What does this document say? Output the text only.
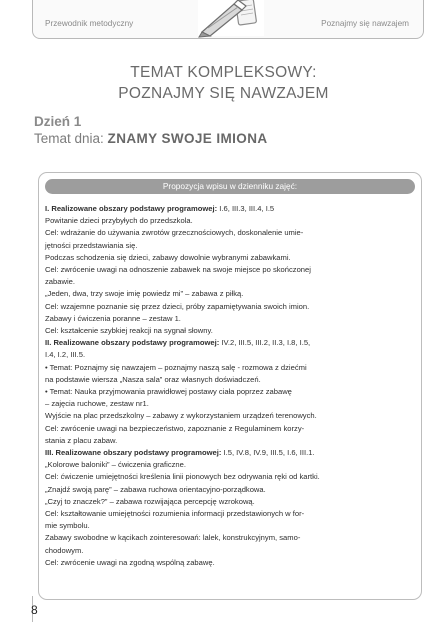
Przewodnik metodyczny	Poznajmy się nawzajem
TEMAT KOMPLEKSOWY:
POZNAJMY SIĘ NAWZAJEM
Dzień 1
Temat dnia: ZNAMY SWOJE IMIONA
Propozycja wpisu w dzienniku zajęć:

I. Realizowane obszary podstawy programowej: I.6, III.3, III.4, I.5

Powitanie dzieci przybyłych do przedszkola.

Cel: wdrażanie do używania zwrotów grzecznościowych, doskonalenie umie-

jętności przedstawiania się.

Podczas schodzenia się dzieci, zabawy dowolnie wybranymi zabawkami.

Cel: zwrócenie uwagi na odnoszenie zabawek na swoje miejsce po skończonej

zabawie.

„Jeden, dwa, trzy swoje imię powiedz mi” – zabawa z piłką.

Cel: wzajemne poznanie się przez dzieci, próby zapamiętywania swoich imion.

Zabawy i ćwiczenia poranne – zestaw 1.

Cel: kształcenie szybkiej reakcji na sygnał słowny.

II. Realizowane obszary podstawy programowej: IV.2, III.5, III.2, II.3, I.8, I.5,

I.4, I.2, III.5.

• Temat: Poznajmy się nawzajem – poznajmy naszą salę - rozmowa z dziećmi

na podstawie wiersza „Nasza sala” oraz własnych doświadczeń.

• Temat: Nauka przyjmowania prawidłowej postawy ciała poprzez zabawę

– zajęcia ruchowe, zestaw nr1.

Wyjście na plac przedszkolny – zabawy z wykorzystaniem urządzeń terenowych.

Cel: zwrócenie uwagi na bezpieczeństwo, zapoznanie z Regulaminem korzy-

stania z placu zabaw.

III. Realizowane obszary podstawy programowej: I.5, IV.8, IV.9, III.5, I.6, III.1.

„Kolorowe baloniki” – ćwiczenia graficzne.

Cel: ćwiczenie umiejętności kreślenia linii pionowych bez odrywania ręki od kartki.

„Znajdź swoją parę” – zabawa ruchowa orientacyjno-porządkowa.

„Czyj to znaczek?” – zabawa rozwijająca percepcję wzrokową.

Cel: kształtowanie umiejętności rozumienia informacji przedstawionych w for-

mie symbolu.

Zabawy swobodne w kącikach zointeresowań: lalek, konstrukcyjnym, samo-

chodowym.

Cel: zwrócenie uwagi na zgodną wspólną zabawę.

8
